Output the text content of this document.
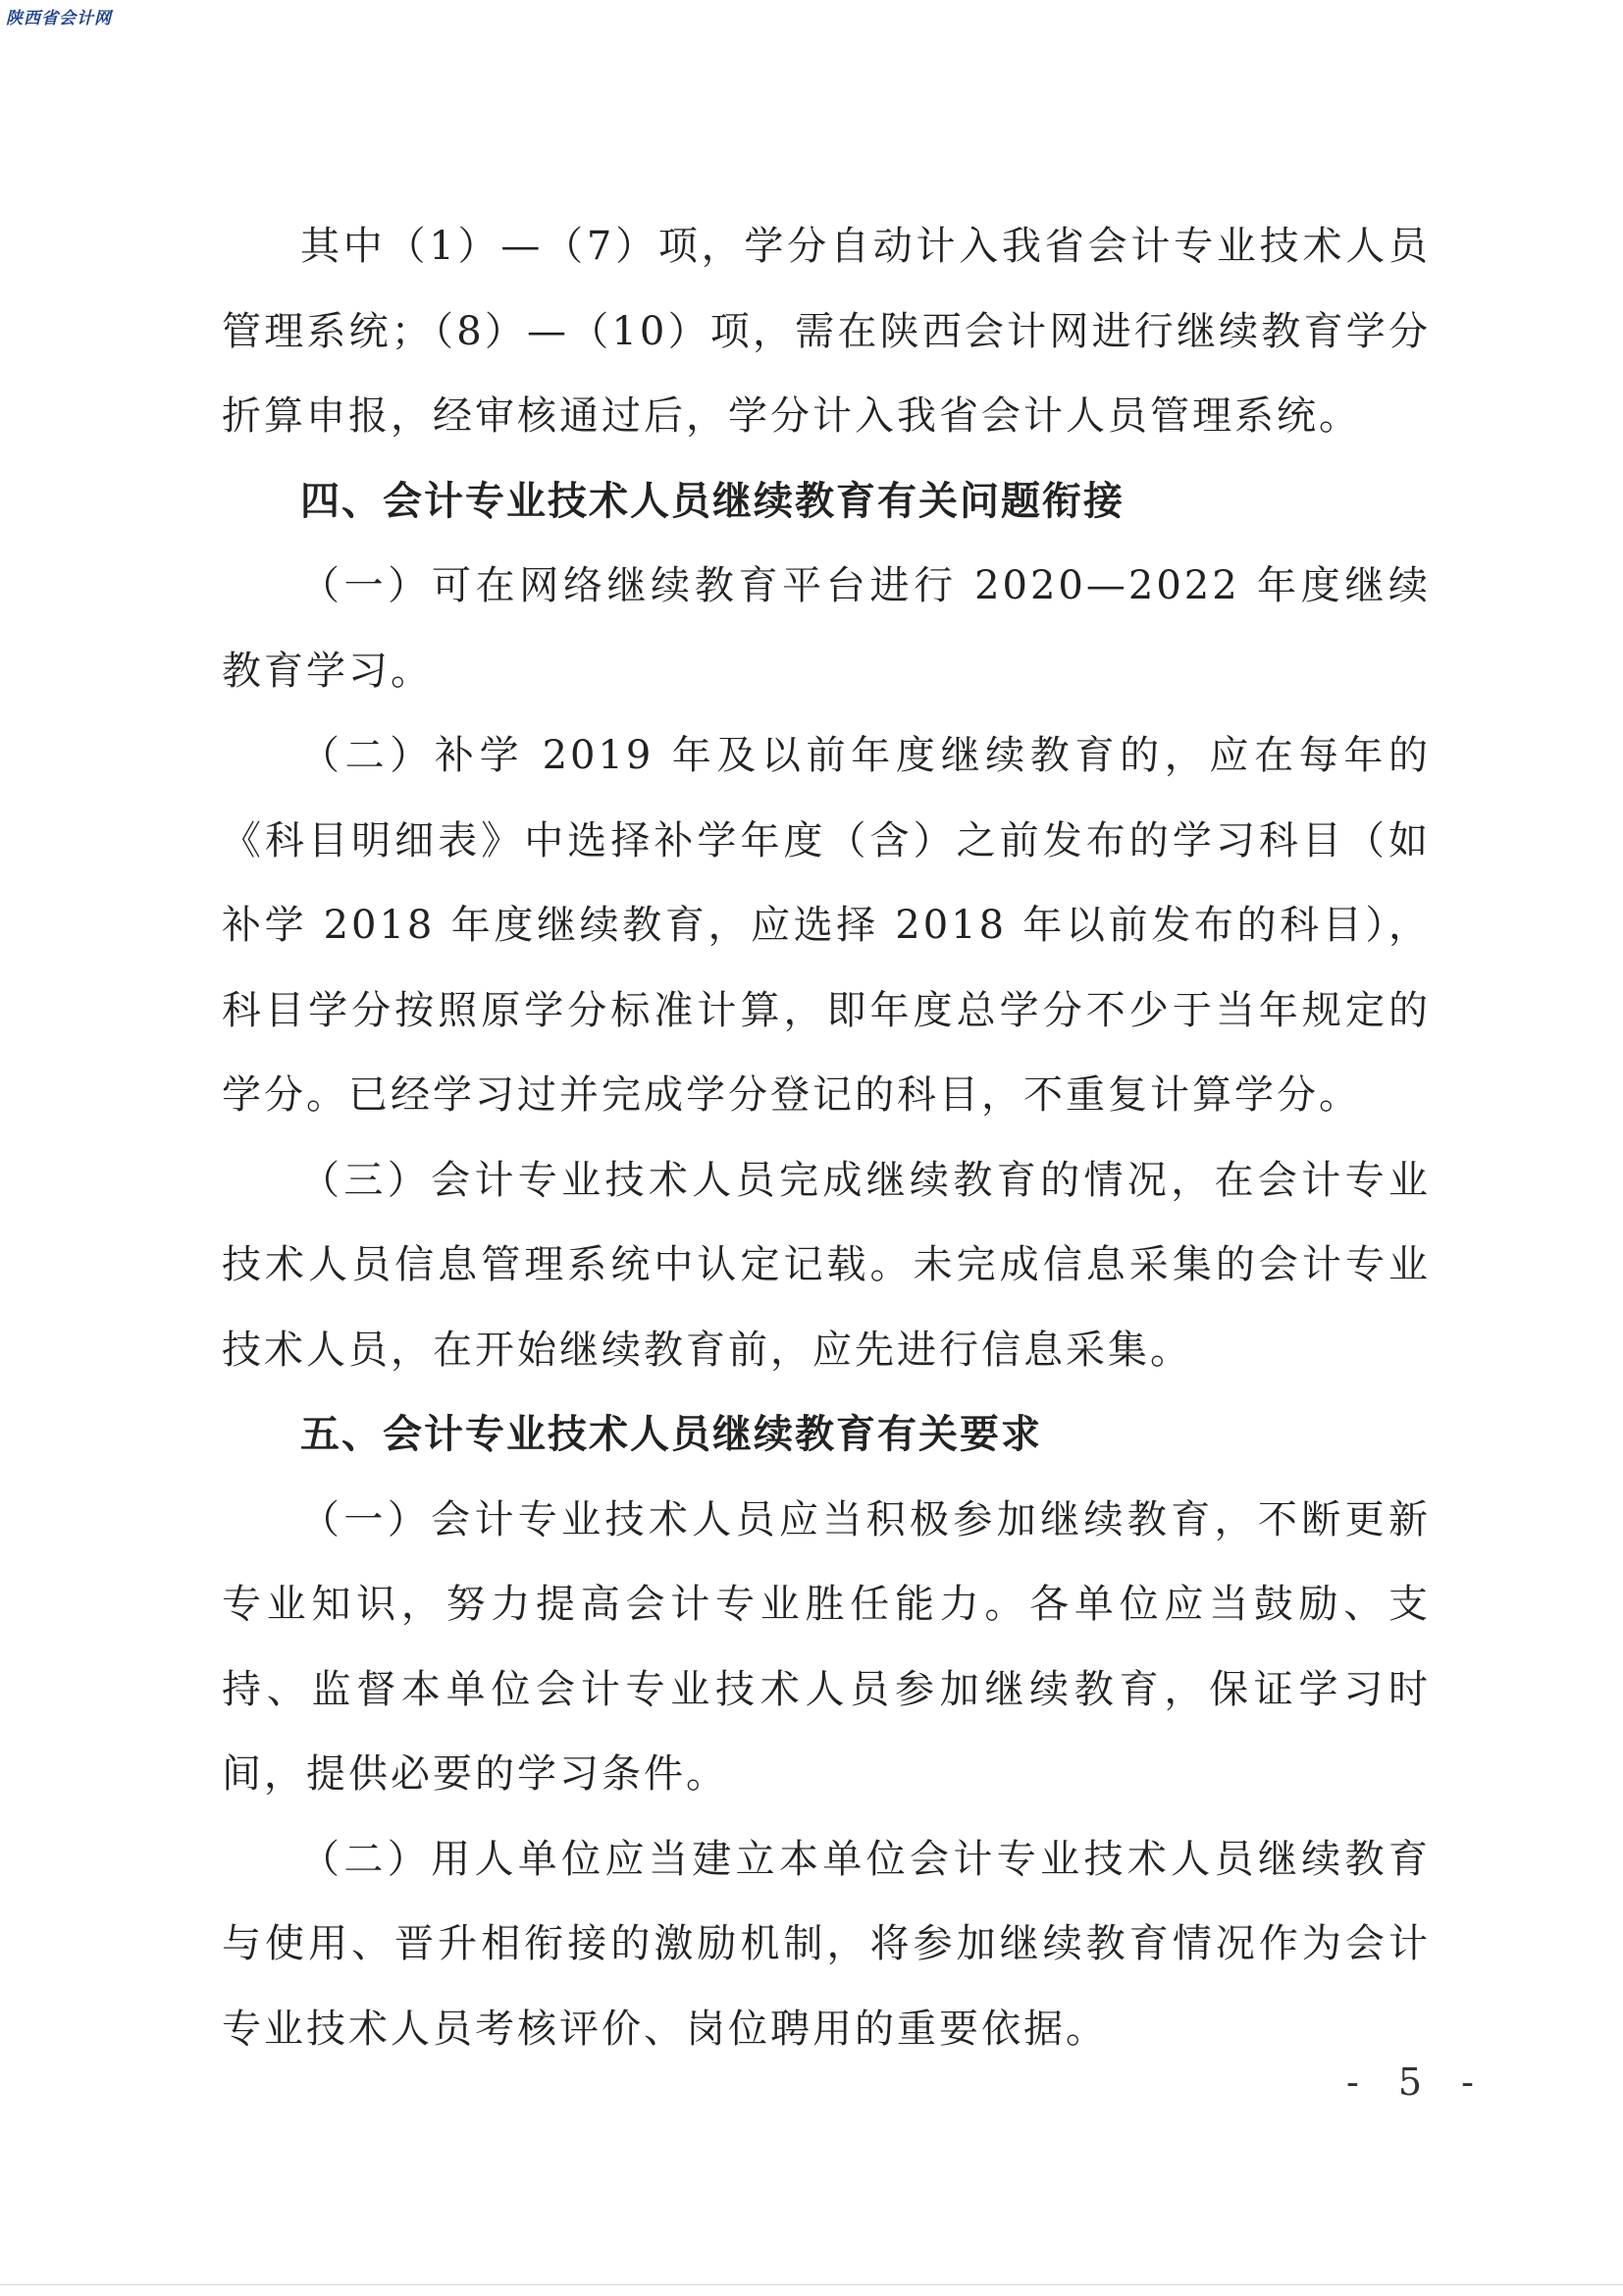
陕西省会计网

其中（1）—（7）项，学分自动计入我省会计专业技术人员管理系统；（8）—（10）项，需在陕西会计网进行继续教育学分折算申报，经审核通过后，学分计入我省会计人员管理系统。

四、会计专业技术人员继续教育有关问题衔接

（一）可在网络继续教育平台进行 2020—2022 年度继续教育学习。

（二）补学 2019 年及以前年度继续教育的，应在每年的《科目明细表》中选择补学年度（含）之前发布的学习科目（如补学 2018 年度继续教育，应选择 2018 年以前发布的科目），科目学分按照原学分标准计算，即年度总学分不少于当年规定的学分。已经学习过并完成学分登记的科目，不重复计算学分。

（三）会计专业技术人员完成继续教育的情况，在会计专业技术人员信息管理系统中认定记载。未完成信息采集的会计专业技术人员，在开始继续教育前，应先进行信息采集。

五、会计专业技术人员继续教育有关要求

（一）会计专业技术人员应当积极参加继续教育，不断更新专业知识，努力提高会计专业胜任能力。各单位应当鼓励、支持、监督本单位会计专业技术人员参加继续教育，保证学习时间，提供必要的学习条件。

（二）用人单位应当建立本单位会计专业技术人员继续教育与使用、晋升相衔接的激励机制，将参加继续教育情况作为会计专业技术人员考核评价、岗位聘用的重要依据。

- 5 -
